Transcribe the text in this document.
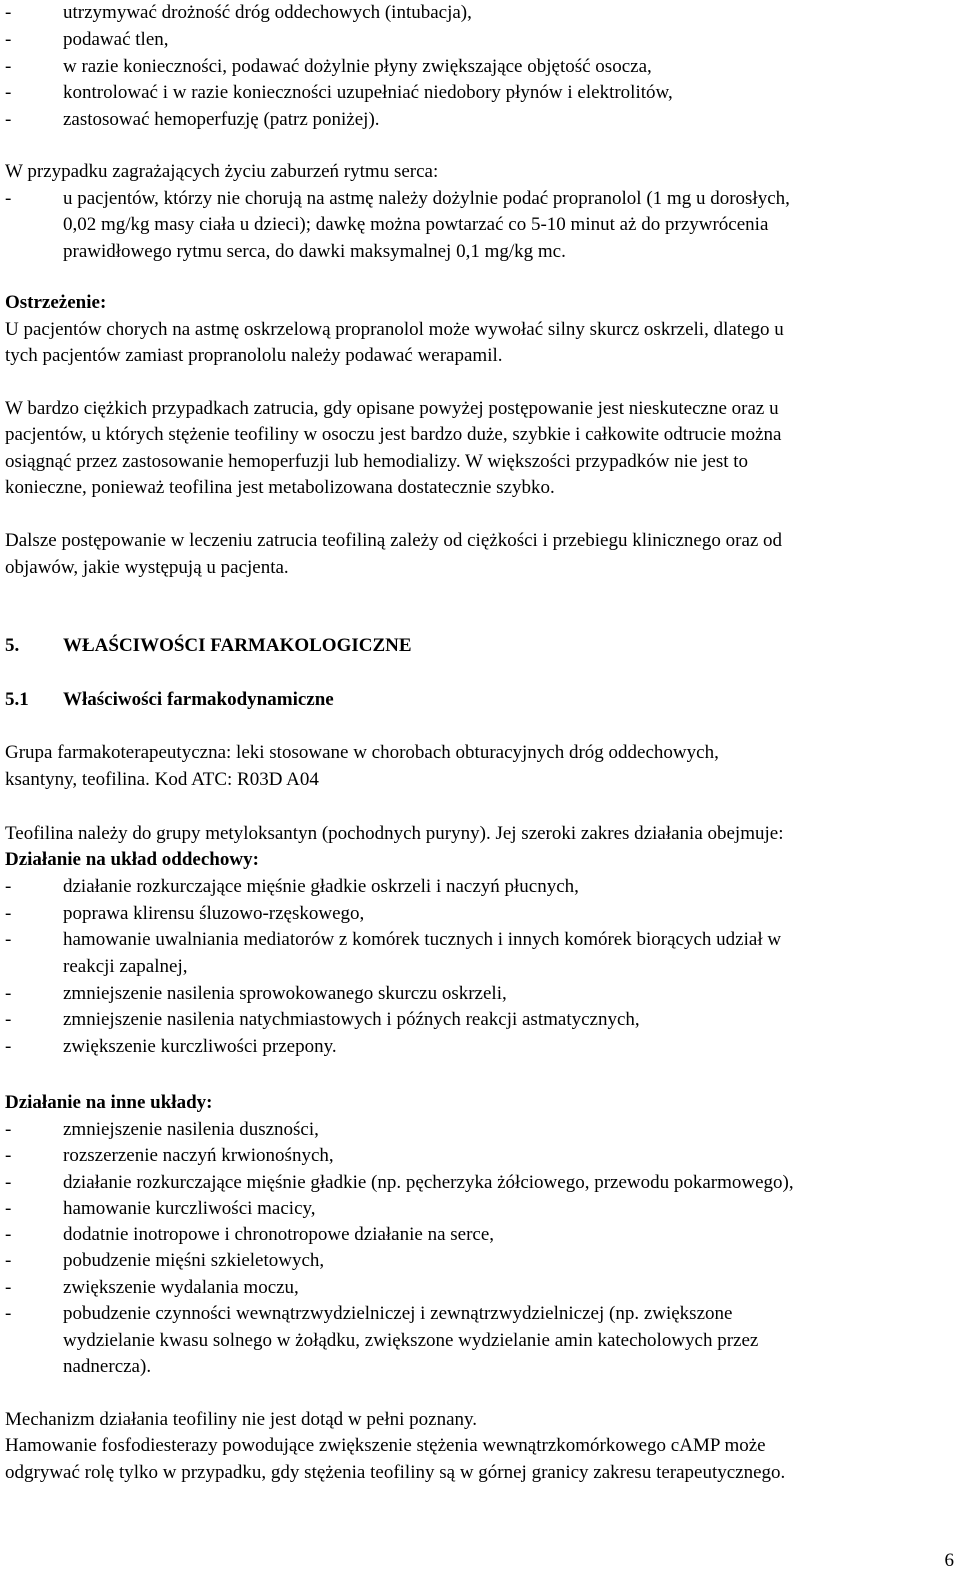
-	utrzymywać drożność dróg oddechowych (intubacja),
-	podawać tlen,
-	w razie konieczności, podawać dożylnie płyny zwiększające objętość osocza,
-	kontrolować i w razie konieczności uzupełniać niedobory płynów i elektrolitów,
-	zastosować hemoperfuzję (patrz poniżej).
W przypadku zagrażających życiu zaburzeń rytmu serca:
-	u pacjentów, którzy nie chorują na astmę należy dożylnie podać propranolol (1 mg u dorosłych,
0,02 mg/kg masy ciała u dzieci); dawkę można powtarzać co 5-10 minut aż do przywrócenia
prawidłowego rytmu serca, do dawki maksymalnej 0,1 mg/kg mc.
Ostrzeżenie:
U pacjentów chorych na astmę oskrzelową propranolol może wywołać silny skurcz oskrzeli, dlatego u
tych pacjentów zamiast propranololu należy podawać werapamil.
W bardzo ciężkich przypadkach zatrucia, gdy opisane powyżej postępowanie jest nieskuteczne oraz u
pacjentów, u których stężenie teofiliny w osoczu jest bardzo duże, szybkie i całkowite odtrucie można
osiągnąć przez zastosowanie hemoperfuzji lub hemodializy. W większości przypadków nie jest to
konieczne, ponieważ teofilina jest metabolizowana dostatecznie szybko.
Dalsze postępowanie w leczeniu zatrucia teofiliną zależy od ciężkości i przebiegu klinicznego oraz od
objawów, jakie występują u pacjenta.
5. WŁAŚCIWOŚCI FARMAKOLOGICZNE
5.1 Właściwości farmakodynamiczne
Grupa farmakoterapeutyczna: leki stosowane w chorobach obturacyjnych dróg oddechowych,
ksantyny, teofilina. Kod ATC: R03D A04
Teofilina należy do grupy metyloksantyn (pochodnych puryny). Jej szeroki zakres działania obejmuje:
Działanie na układ oddechowy:
-	działanie rozkurczające mięśnie gładkie oskrzeli i naczyń płucnych,
-	poprawa klirensu śluzowo-rzęskowego,
-	hamowanie uwalniania mediatorów z komórek tucznych i innych komórek biorących udział w
reakcji zapalnej,
-	zmniejszenie nasilenia sprowokowanego skurczu oskrzeli,
-	zmniejszenie nasilenia natychmiastowych i późnych reakcji astmatycznych,
-	zwiększenie kurczliwości przepony.
Działanie na inne układy:
-	zmniejszenie nasilenia duszności,
-	rozszerzenie naczyń krwionośnych,
-	działanie rozkurczające mięśnie gładkie (np. pęcherzyka żółciowego, przewodu pokarmowego),
-	hamowanie kurczliwości macicy,
-	dodatnie inotropowe i chronotropowe działanie na serce,
-	pobudzenie mięśni szkieletowych,
-	zwiększenie wydalania moczu,
-	pobudzenie czynności wewnątrzwydzielniczej i zewnątrzwydzielniczej (np. zwiększone
wydzielanie kwasu solnego w żołądku, zwiększone wydzielanie amin katecholowych przez
nadnercza).
Mechanizm działania teofiliny nie jest dotąd w pełni poznany.
Hamowanie fosfodiesterazy powodujące zwiększenie stężenia wewnątrzkomórkowego cAMP może
odgrywać rolę tylko w przypadku, gdy stężenia teofiliny są w górnej granicy zakresu terapeutycznego.
6
